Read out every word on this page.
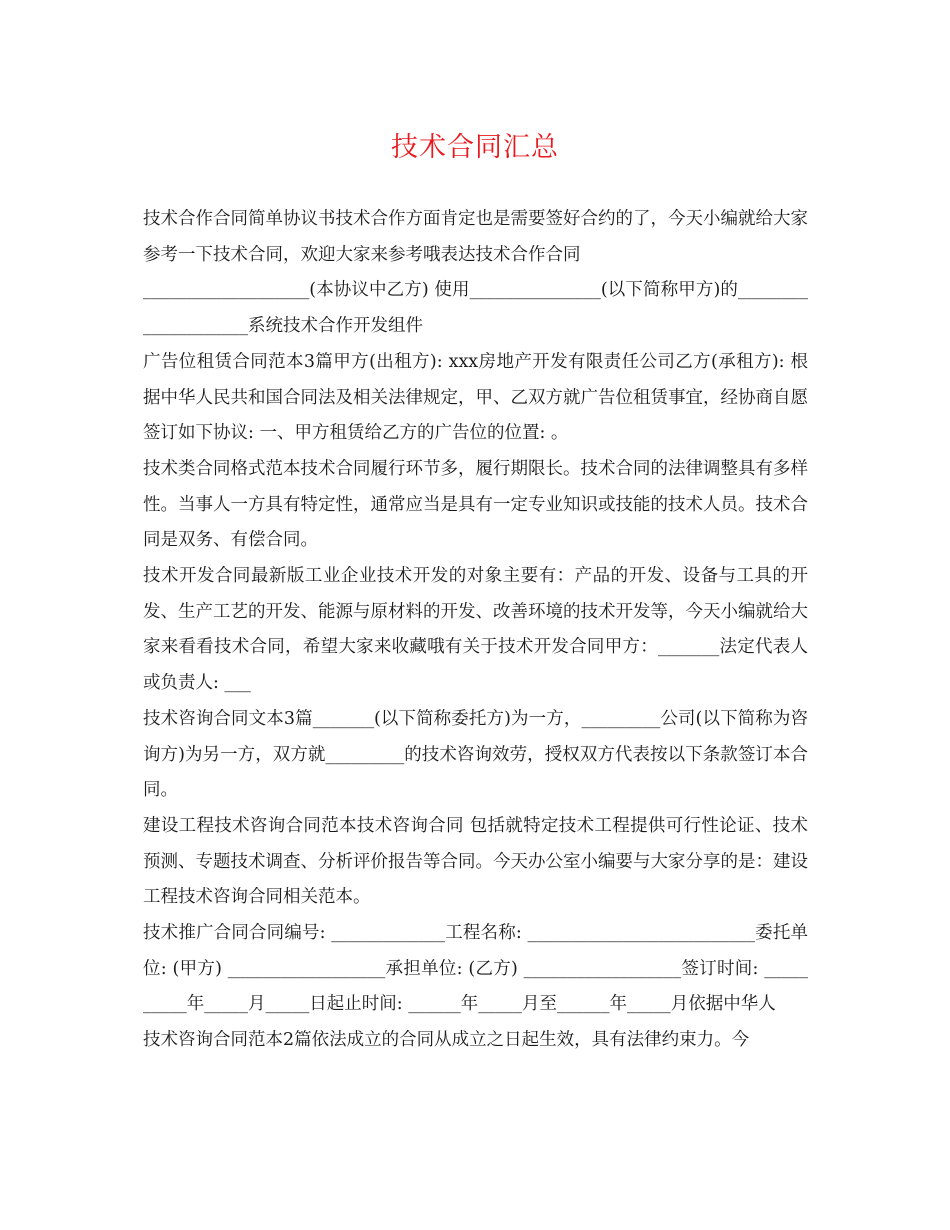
技术合同汇总

技术合作合同简单协议书技术合作方面肯定也是需要签好合约的了，今天小编就给大家参考一下技术合同，欢迎大家来参考哦表达技术合作合同

___________________(本协议中乙方) 使用_______________(以下简称甲方)的____________________系统技术合作开发组件

广告位租赁合同范本3篇甲方(出租方): xxx房地产开发有限责任公司乙方(承租方): 根据中华人民共和国合同法及相关法律规定，甲、乙双方就广告位租赁事宜，经协商自愿签订如下协议: 一、甲方租赁给乙方的广告位的位置: 。

技术类合同格式范本技术合同履行环节多，履行期限长。技术合同的法律调整具有多样性。当事人一方具有特定性，通常应当是具有一定专业知识或技能的技术人员。技术合同是双务、有偿合同。

技术开发合同最新版工业企业技术开发的对象主要有：产品的开发、设备与工具的开发、生产工艺的开发、能源与原材料的开发、改善环境的技术开发等，今天小编就给大家来看看技术合同，希望大家来收藏哦有关于技术开发合同甲方：_______法定代表人或负责人: ___

技术咨询合同文本3篇_______(以下简称委托方)为一方，_________公司(以下简称为咨询方)为另一方，双方就_________的技术咨询效劳，授权双方代表按以下条款签订本合同。

建设工程技术咨询合同范本技术咨询合同 包括就特定技术工程提供可行性论证、技术预测、专题技术调查、分析评价报告等合同。今天办公室小编要与大家分享的是：建设工程技术咨询合同相关范本。

技术推广合同合同编号: _____________工程名称: __________________________委托单位: (甲方) __________________承担单位: (乙方) __________________签订时间: __________年_____月_____日起止时间: ______年_____月至______年_____月依据中华人

技术咨询合同范本2篇依法成立的合同从成立之日起生效，具有法律约束力。今
